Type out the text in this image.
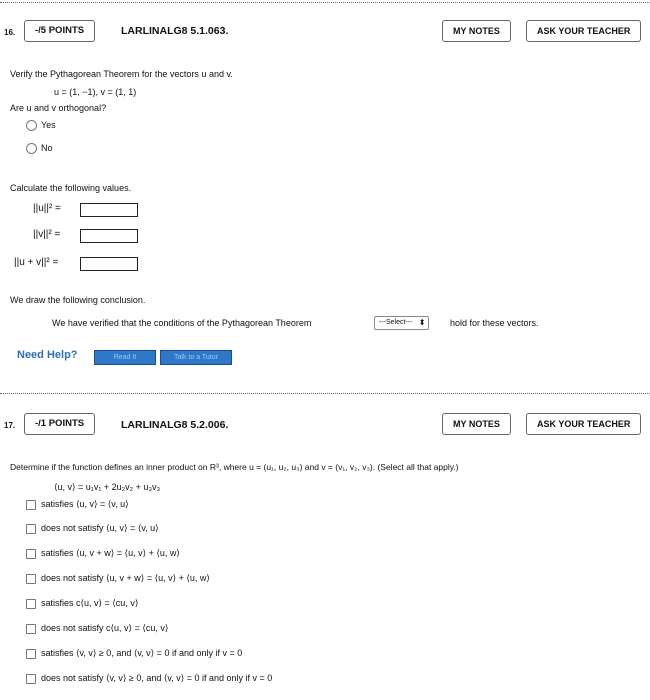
16.	-/5 POINTS	LARLINALG8 5.1.063.	MY NOTES	ASK YOUR TEACHER
Verify the Pythagorean Theorem for the vectors u and v.
u = (1, −1), v = (1, 1)
Are u and v orthogonal?
Yes
No
Calculate the following values.
||u||² =
||v||² =
||u + v||² =
We draw the following conclusion.
We have verified that the conditions of the Pythagorean Theorem	---Select--- ⬍	hold for these vectors.
Need Help?	Read It	Talk to a Tutor
17.	-/1 POINTS	LARLINALG8 5.2.006.	MY NOTES	ASK YOUR TEACHER
Determine if the function defines an inner product on R³, where u = (u₁, u₂, u₃) and v = (v₁, v₂, v₃). (Select all that apply.)
⟨u, v⟩ = u₁v₁ + 2u₂v₂ + u₃v₃
satisfies ⟨u, v⟩ = ⟨v, u⟩
does not satisfy ⟨u, v⟩ = ⟨v, u⟩
satisfies ⟨u, v + w⟩ = ⟨u, v⟩ + ⟨u, w⟩
does not satisfy ⟨u, v + w⟩ = ⟨u, v⟩ + ⟨u, w⟩
satisfies c⟨u, v⟩ = ⟨cu, v⟩
does not satisfy c⟨u, v⟩ = ⟨cu, v⟩
satisfies ⟨v, v⟩ ≥ 0, and ⟨v, v⟩ = 0 if and only if v = 0
does not satisfy ⟨v, v⟩ ≥ 0, and ⟨v, v⟩ = 0 if and only if v = 0
